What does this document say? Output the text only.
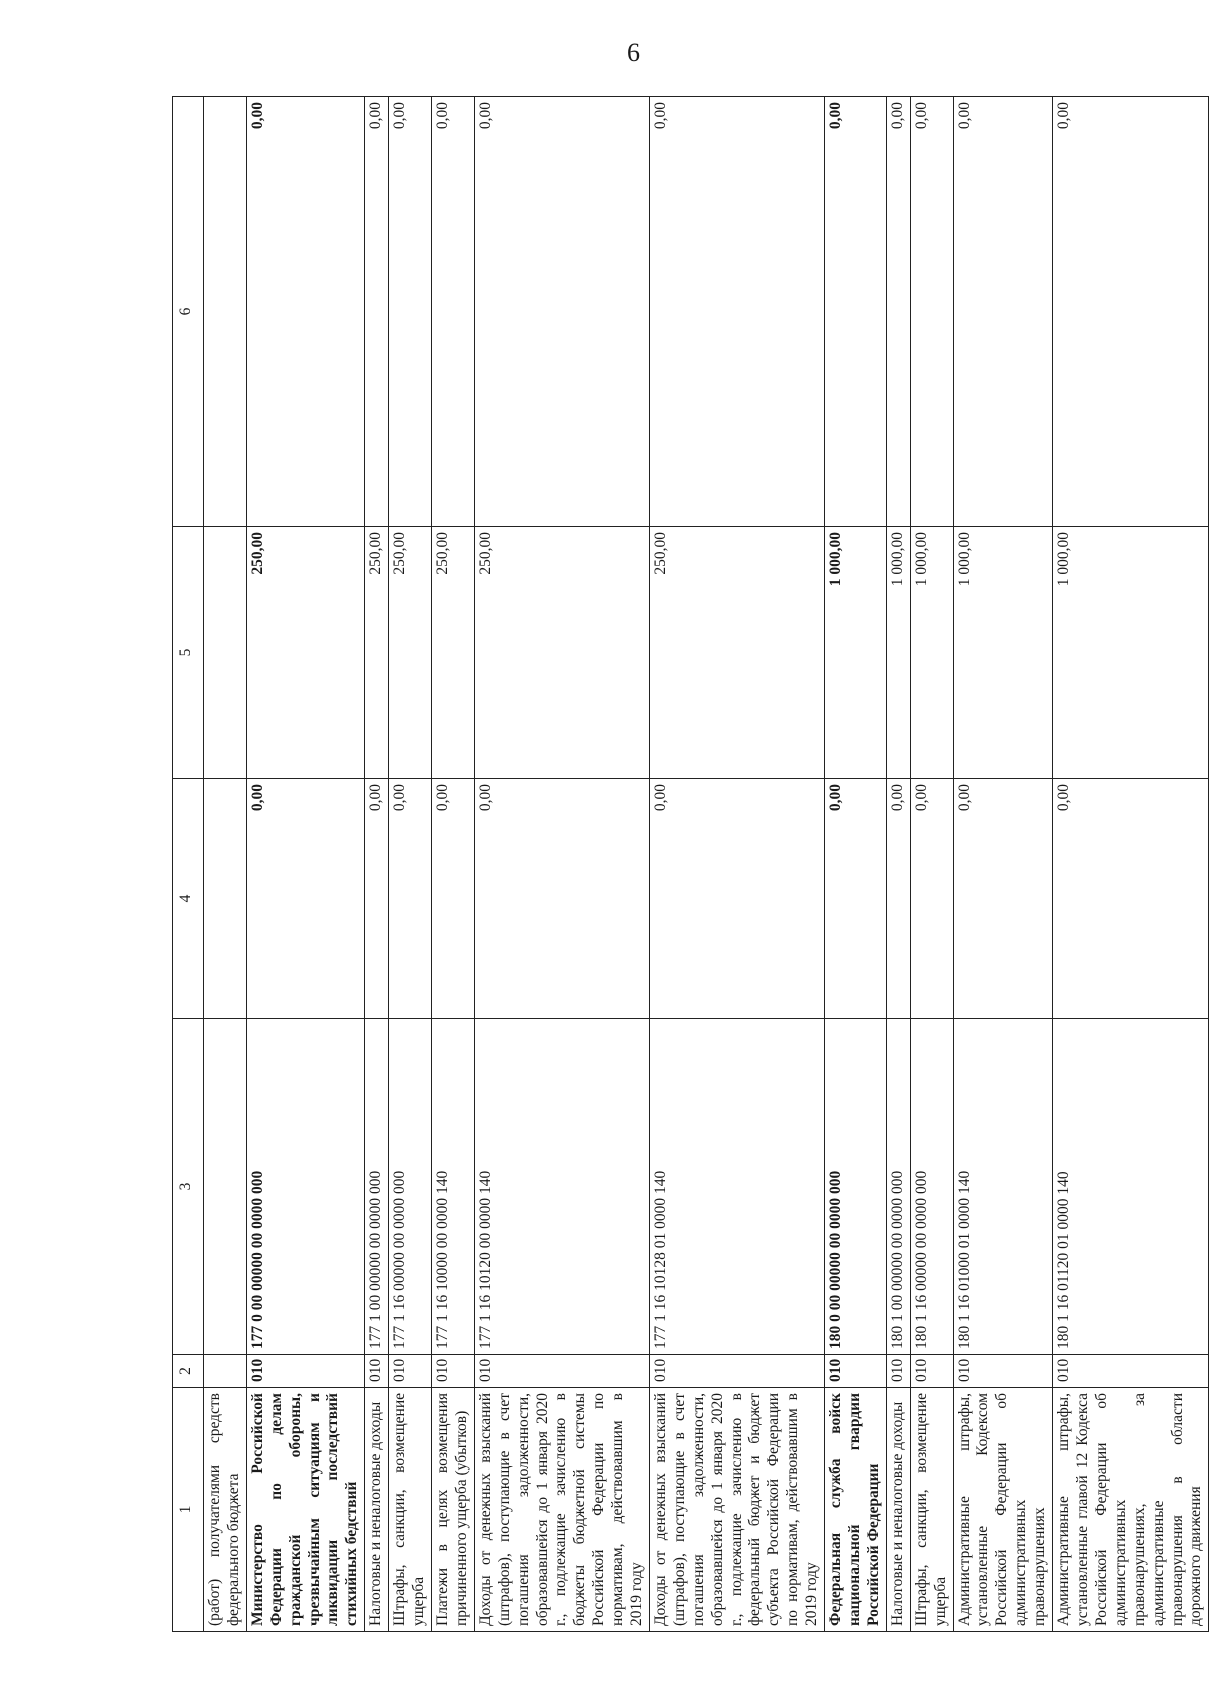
6
1	2	3	4	5	6
(работ) получателями средств федерального бюджета					
Министерство Российской Федерации по делам гражданской обороны, чрезвычайным ситуациям и ликвидации последствий стихийных бедствий	010	177 0 00 00000 00 0000 000	0,00	250,00	0,00
Налоговые и неналоговые доходы	010	177 1 00 00000 00 0000 000	0,00	250,00	0,00
Штрафы, санкции, возмещение ущерба	010	177 1 16 00000 00 0000 000	0,00	250,00	0,00
Платежи в целях возмещения причиненного ущерба (убытков)	010	177 1 16 10000 00 0000 140	0,00	250,00	0,00
Доходы от денежных взысканий (штрафов), поступающие в счет погашения задолженности, образовавшейся до 1 января 2020 г., подлежащие зачислению в бюджеты бюджетной системы Российской Федерации по нормативам, действовавшим в 2019 году	010	177 1 16 10120 00 0000 140	0,00	250,00	0,00
Доходы от денежных взысканий (штрафов), поступающие в счет погашения задолженности, образовавшейся до 1 января 2020 г., подлежащие зачислению в федеральный бюджет и бюджет субъекта Российской Федерации по нормативам, действовавшим в 2019 году	010	177 1 16 10128 01 0000 140	0,00	250,00	0,00
Федеральная служба войск национальной гвардии Российской Федерации	010	180 0 00 00000 00 0000 000	0,00	1 000,00	0,00
Налоговые и неналоговые доходы	010	180 1 00 00000 00 0000 000	0,00	1 000,00	0,00
Штрафы, санкции, возмещение ущерба	010	180 1 16 00000 00 0000 000	0,00	1 000,00	0,00
Административные штрафы, установленные Кодексом Российской Федерации об административных правонарушениях	010	180 1 16 01000 01 0000 140	0,00	1 000,00	0,00
Административные штрафы, установленные главой 12 Кодекса Российской Федерации об административных правонарушениях, за административные правонарушения в области дорожного движения	010	180 1 16 01120 01 0000 140	0,00	1 000,00	0,00
